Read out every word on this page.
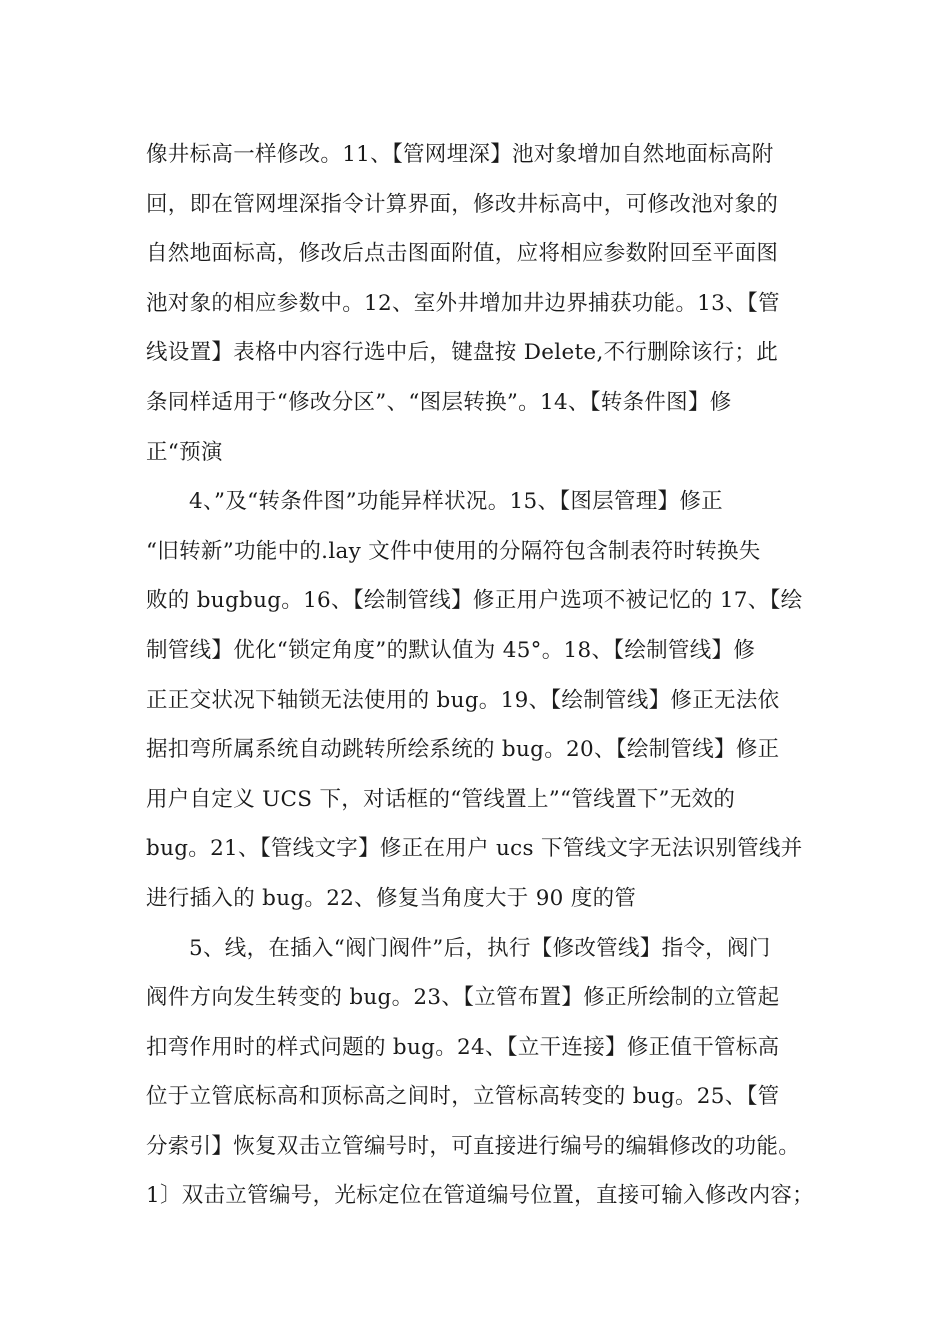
像井标高一样修改。11、【管网埋深】池对象增加自然地面标高附
回，即在管网埋深指令计算界面，修改井标高中，可修改池对象的
自然地面标高，修改后点击图面附值，应将相应参数附回至平面图
池对象的相应参数中。12、室外井增加井边界捕获功能。13、【管
线设置】表格中内容行选中后，键盘按 Delete,不行删除该行；此
条同样适用于“修改分区”、“图层转换”。14、【转条件图】修
正“预演
4、”及“转条件图”功能异样状况。15、【图层管理】修正
“旧转新”功能中的.lay 文件中使用的分隔符包含制表符时转换失
败的 bugbug。16、【绘制管线】修正用户选项不被记忆的 17、【绘
制管线】优化“锁定角度”的默认值为 45°。18、【绘制管线】修
正正交状况下轴锁无法使用的 bug。19、【绘制管线】修正无法依
据扣弯所属系统自动跳转所绘系统的 bug。20、【绘制管线】修正
用户自定义 UCS 下，对话框的“管线置上”“管线置下”无效的
bug。21、【管线文字】修正在用户 ucs 下管线文字无法识别管线并
进行插入的 bug。22、修复当角度大于 90 度的管
5、线，在插入“阀门阀件”后，执行【修改管线】指令，阀门
阀件方向发生转变的 bug。23、【立管布置】修正所绘制的立管起
扣弯作用时的样式问题的 bug。24、【立干连接】修正值干管标高
位于立管底标高和顶标高之间时，立管标高转变的 bug。25、【管
分索引】恢复双击立管编号时，可直接进行编号的编辑修改的功能。
1〕双击立管编号，光标定位在管道编号位置，直接可输入修改内容；
